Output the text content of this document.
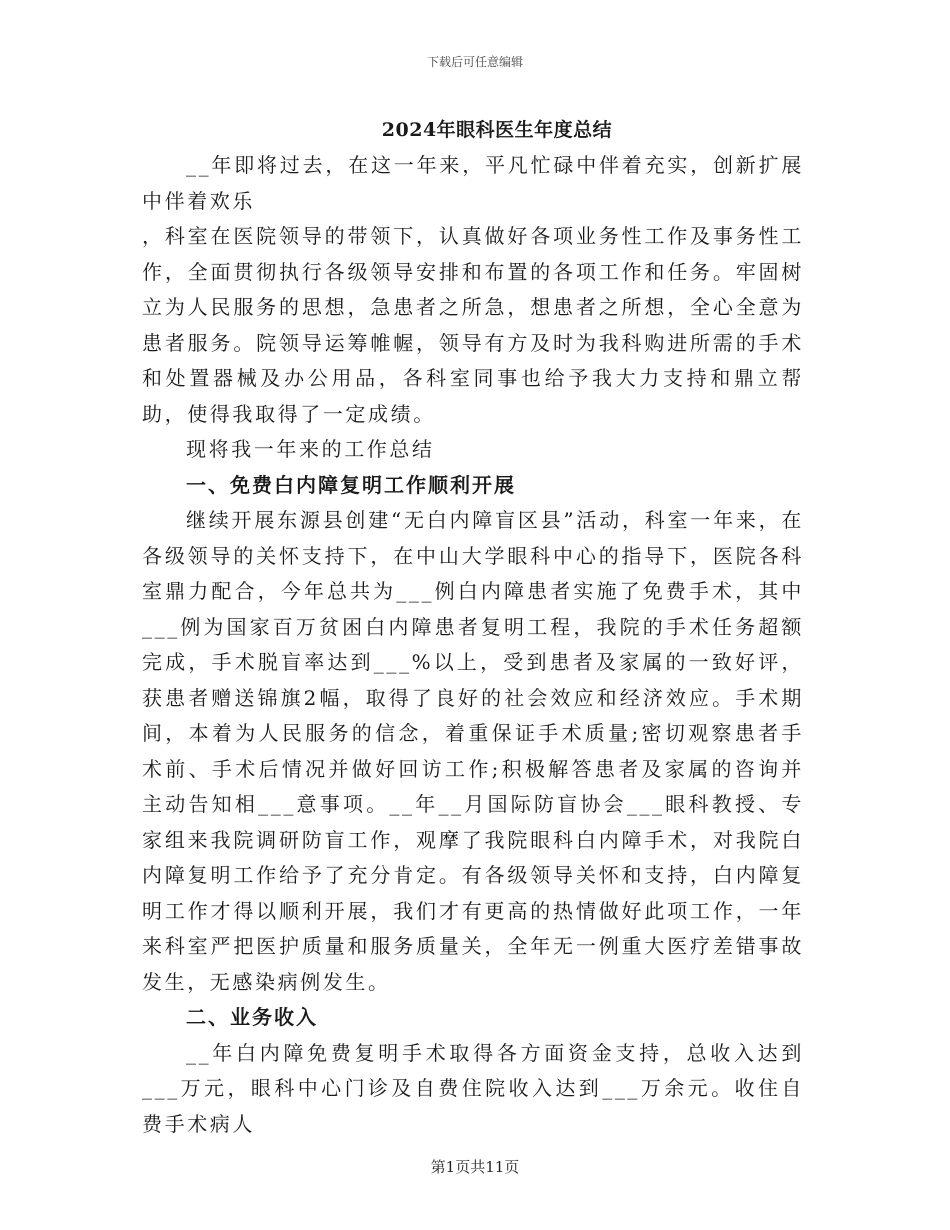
下载后可任意编辑
2024年眼科医生年度总结

__年即将过去，在这一年来，平凡忙碌中伴着充实，创新扩展中伴着欢乐

，科室在医院领导的带领下，认真做好各项业务性工作及事务性工作，全面贯彻执行各级领导安排和布置的各项工作和任务。牢固树立为人民服务的思想，急患者之所急，想患者之所想，全心全意为患者服务。院领导运筹帷幄，领导有方及时为我科购进所需的手术和处置器械及办公用品，各科室同事也给予我大力支持和鼎立帮助，使得我取得了一定成绩。

现将我一年来的工作总结

一、免费白内障复明工作顺利开展

继续开展东源县创建“无白内障盲区县”活动，科室一年来，在各级领导的关怀支持下，在中山大学眼科中心的指导下，医院各科室鼎力配合，今年总共为___例白内障患者实施了免费手术，其中___例为国家百万贫困白内障患者复明工程，我院的手术任务超额完成，手术脱盲率达到___%以上，受到患者及家属的一致好评，获患者赠送锦旗2幅，取得了良好的社会效应和经济效应。手术期间，本着为人民服务的信念，着重保证手术质量;密切观察患者手术前、手术后情况并做好回访工作;积极解答患者及家属的咨询并主动告知相___意事项。__年__月国际防盲协会___眼科教授、专家组来我院调研防盲工作，观摩了我院眼科白内障手术，对我院白内障复明工作给予了充分肯定。有各级领导关怀和支持，白内障复明工作才得以顺利开展，我们才有更高的热情做好此项工作，一年来科室严把医护质量和服务质量关，全年无一例重大医疗差错事故发生，无感染病例发生。

二、业务收入

__年白内障免费复明手术取得各方面资金支持，总收入达到___万元，眼科中心门诊及自费住院收入达到___万余元。收住自费手术病人

第1页共11页
